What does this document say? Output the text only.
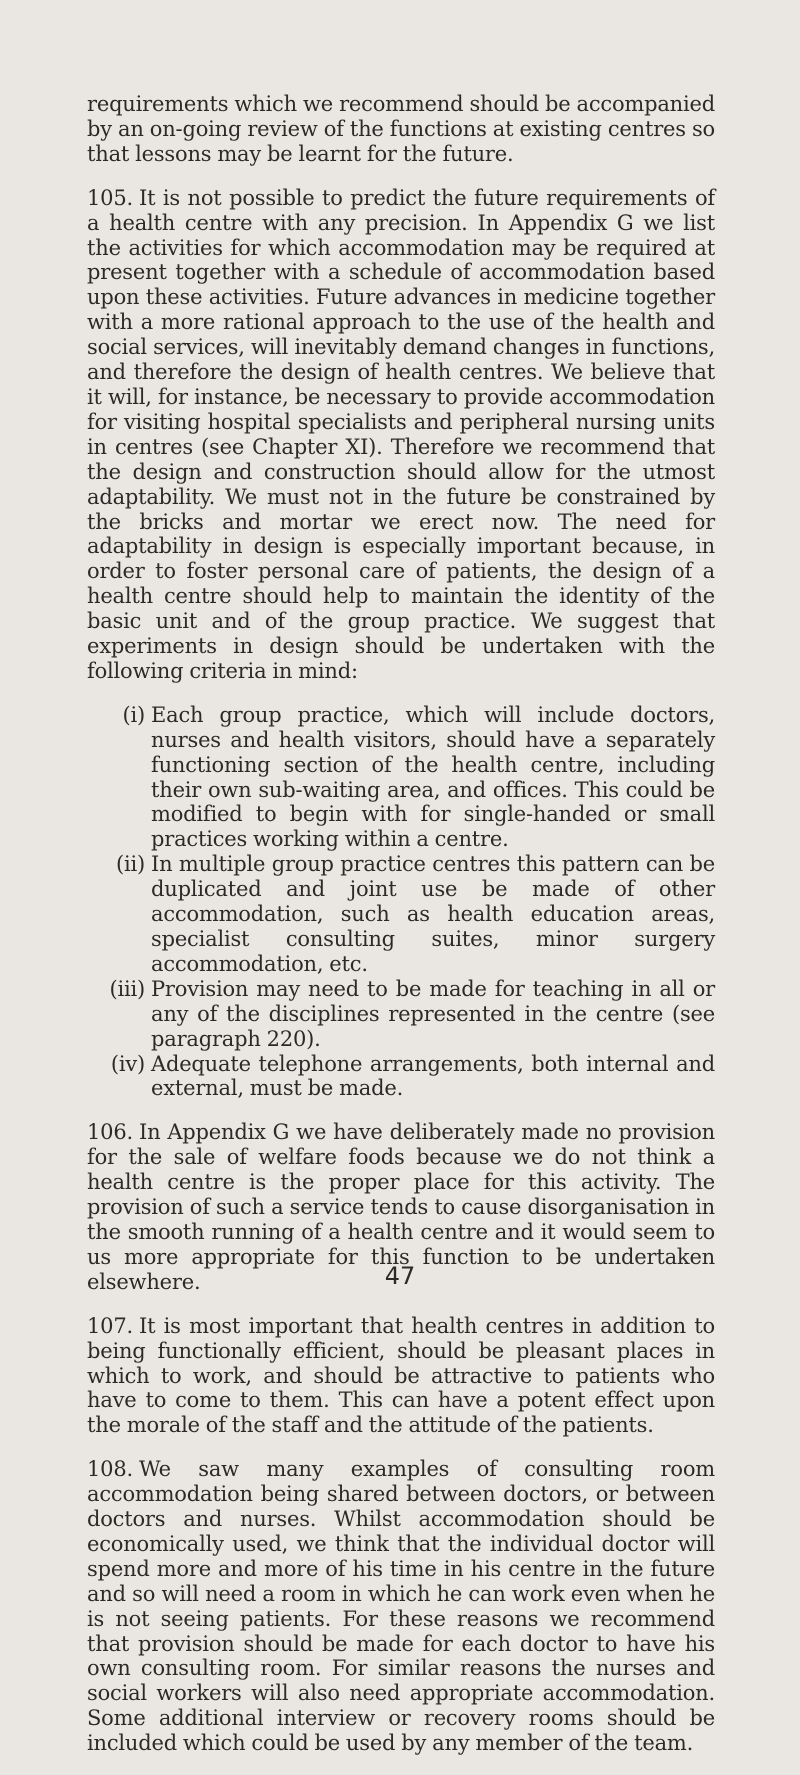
requirements which we recommend should be accompanied by an on-going review of the functions at existing centres so that lessons may be learnt for the future.

105. It is not possible to predict the future requirements of a health centre with any precision. In Appendix G we list the activities for which accommodation may be required at present together with a schedule of accommodation based upon these activities. Future advances in medicine together with a more rational approach to the use of the health and social services, will inevitably demand changes in functions, and therefore the design of health centres. We believe that it will, for instance, be necessary to provide accommodation for visiting hospital specialists and peripheral nursing units in centres (see Chapter XI). Therefore we recommend that the design and construction should allow for the utmost adaptability. We must not in the future be constrained by the bricks and mortar we erect now. The need for adaptability in design is especially important because, in order to foster personal care of patients, the design of a health centre should help to maintain the identity of the basic unit and of the group practice. We suggest that experiments in design should be undertaken with the following criteria in mind:

(i) Each group practice, which will include doctors, nurses and health visitors, should have a separately functioning section of the health centre, including their own sub-waiting area, and offices. This could be modified to begin with for single-handed or small practices working within a centre.
(ii) In multiple group practice centres this pattern can be duplicated and joint use be made of other accommodation, such as health education areas, specialist consulting suites, minor surgery accommodation, etc.
(iii) Provision may need to be made for teaching in all or any of the disciplines represented in the centre (see paragraph 220).
(iv) Adequate telephone arrangements, both internal and external, must be made.

106. In Appendix G we have deliberately made no provision for the sale of welfare foods because we do not think a health centre is the proper place for this activity. The provision of such a service tends to cause disorganisation in the smooth running of a health centre and it would seem to us more appropriate for this function to be undertaken elsewhere.

107. It is most important that health centres in addition to being functionally efficient, should be pleasant places in which to work, and should be attractive to patients who have to come to them. This can have a potent effect upon the morale of the staff and the attitude of the patients.

108. We saw many examples of consulting room accommodation being shared between doctors, or between doctors and nurses. Whilst accommodation should be economically used, we think that the individual doctor will spend more and more of his time in his centre in the future and so will need a room in which he can work even when he is not seeing patients. For these reasons we recommend that provision should be made for each doctor to have his own consulting room. For similar reasons the nurses and social workers will also need appropriate accommodation. Some additional interview or recovery rooms should be included which could be used by any member of the team.

47
